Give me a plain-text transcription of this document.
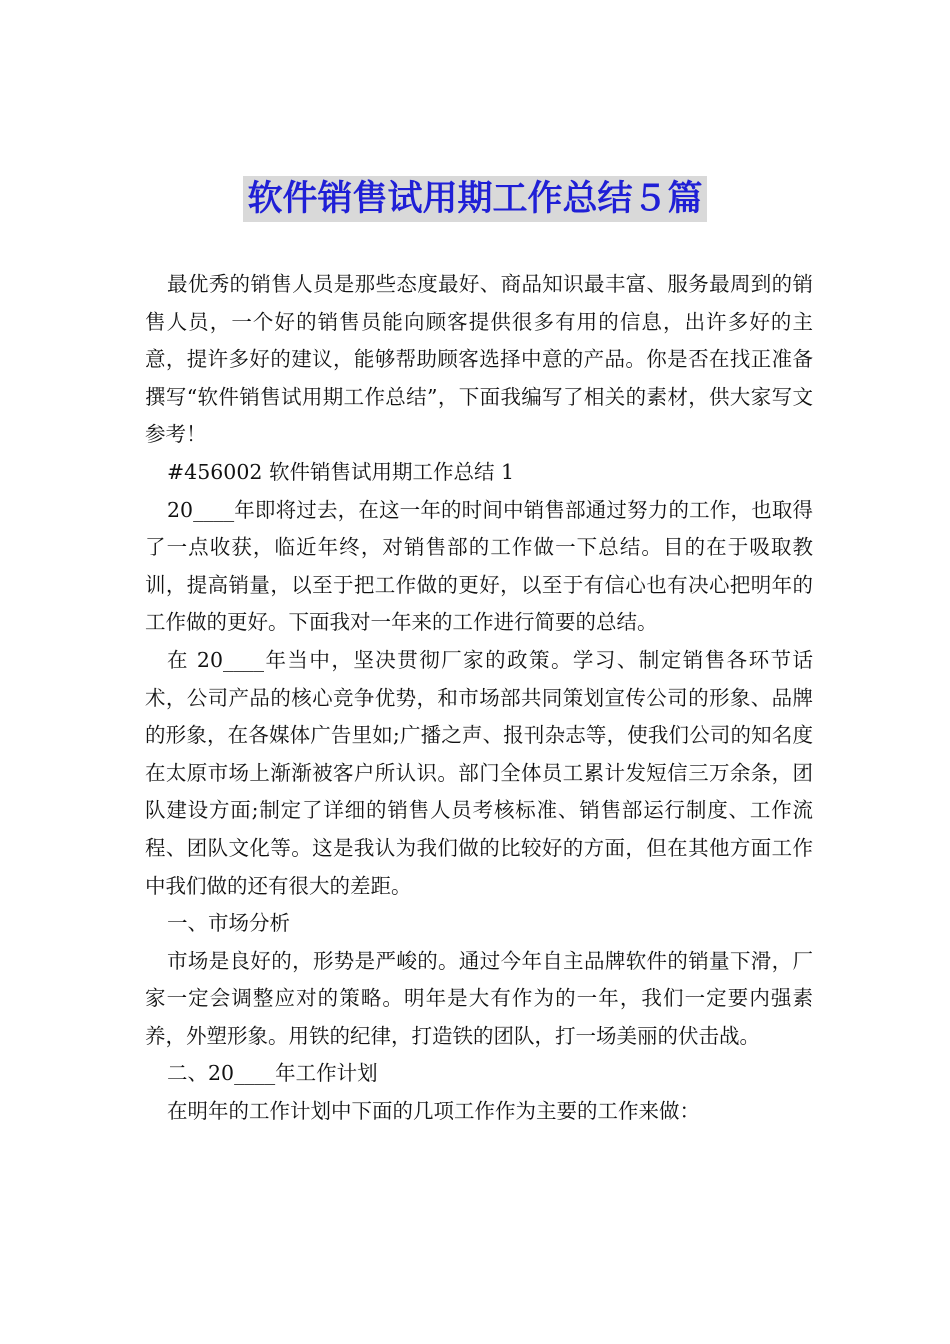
软件销售试用期工作总结５篇

最优秀的销售人员是那些态度最好、商品知识最丰富、服务最周到的销售人员，一个好的销售员能向顾客提供很多有用的信息，出许多好的主意，提许多好的建议，能够帮助顾客选择中意的产品。你是否在找正准备撰写“软件销售试用期工作总结”，下面我编写了相关的素材，供大家写文参考！

#456002 软件销售试用期工作总结 1

20____年即将过去，在这一年的时间中销售部通过努力的工作，也取得了一点收获，临近年终，对销售部的工作做一下总结。目的在于吸取教训，提高销量，以至于把工作做的更好，以至于有信心也有决心把明年的工作做的更好。下面我对一年来的工作进行简要的总结。

在 20____年当中，坚决贯彻厂家的政策。学习、制定销售各环节话术，公司产品的核心竞争优势，和市场部共同策划宣传公司的形象、品牌的形象，在各媒体广告里如;广播之声、报刊杂志等，使我们公司的知名度在太原市场上渐渐被客户所认识。部门全体员工累计发短信三万余条，团队建设方面;制定了详细的销售人员考核标准、销售部运行制度、工作流程、团队文化等。这是我认为我们做的比较好的方面，但在其他方面工作中我们做的还有很大的差距。

一、市场分析

市场是良好的，形势是严峻的。通过今年自主品牌软件的销量下滑，厂家一定会调整应对的策略。明年是大有作为的一年，我们一定要内强素养，外塑形象。用铁的纪律，打造铁的团队，打一场美丽的伏击战。

二、20____年工作计划

在明年的工作计划中下面的几项工作作为主要的工作来做：
